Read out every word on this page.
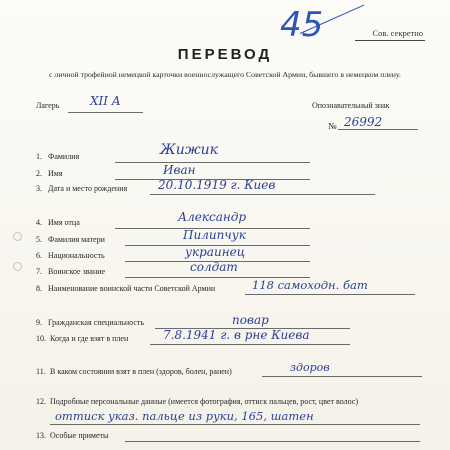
45	Сов. секретно
ПЕРЕВОД
с личной трофейной немецкой карточки военнослужащего Советской Армии, бывшего в немецком плену.
Лагерь	XII A	Опознавательный знак
№ 26992
1. Фамилия	Жижик
2. Имя	Иван
3. Дата и место рождения	20.10.1919 г. Киев
4. Имя отца	Александр
5. Фамилия матери	Пилипчук
6. Национальность	украинец
7. Воинское звание	солдат
8. Наименование воинской части Советской Армии	118 самоходн. бат
9. Гражданская специальность	повар
10. Когда и где взят в плен	7.8.1941 г. в рне Киева
11. В каком состоянии взят в плен (здоров, болен, ранен)	здоров
12. Подробные персональные данные (имеется фотография, оттиск пальцев, рост, цвет волос)
оттиск указ. пальце из руки, 165, шатен
13. Особые приметы
